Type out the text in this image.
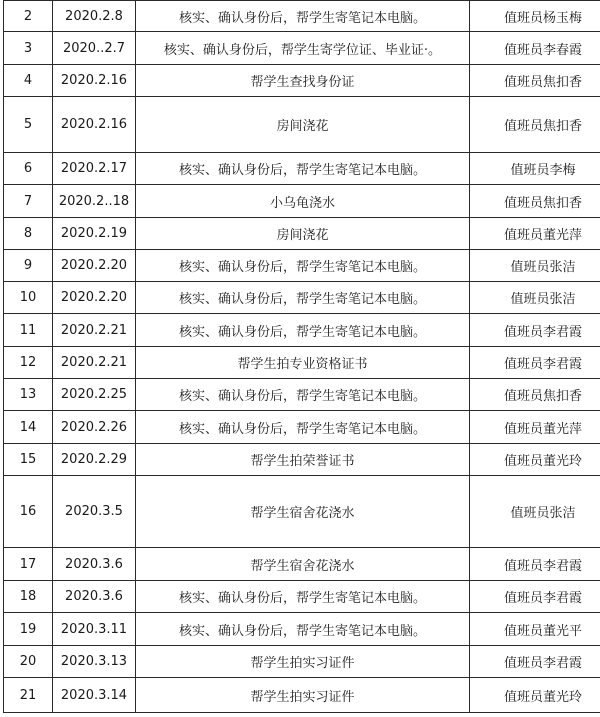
2	2020.2.8	核实、确认身份后，帮学生寄笔记本电脑。	值班员杨玉梅
3	2020..2.7	核实、确认身份后，帮学生寄学位证、毕业证·。	值班员李春霞
4	2020.2.16	帮学生查找身份证	值班员焦扣香
5	2020.2.16	房间浇花	值班员焦扣香
6	2020.2.17	核实、确认身份后，帮学生寄笔记本电脑。	值班员李梅
7	2020.2..18	小乌龟浇水	值班员焦扣香
8	2020.2.19	房间浇花	值班员董光萍
9	2020.2.20	核实、确认身份后，帮学生寄笔记本电脑。	值班员张洁
10	2020.2.20	核实、确认身份后，帮学生寄笔记本电脑。	值班员张洁
11	2020.2.21	核实、确认身份后，帮学生寄笔记本电脑。	值班员李君霞
12	2020.2.21	帮学生拍专业资格证书	值班员李君霞
13	2020.2.25	核实、确认身份后，帮学生寄笔记本电脑。	值班员焦扣香
14	2020.2.26	核实、确认身份后，帮学生寄笔记本电脑。	值班员董光萍
15	2020.2.29	帮学生拍荣誉证书	值班员董光玲
16	2020.3.5	帮学生宿舍花浇水	值班员张洁
17	2020.3.6	帮学生宿舍花浇水	值班员李君霞
18	2020.3.6	核实、确认身份后，帮学生寄笔记本电脑。	值班员李君霞
19	2020.3.11	核实、确认身份后，帮学生寄笔记本电脑。	值班员董光平
20	2020.3.13	帮学生拍实习证件	值班员李君霞
21	2020.3.14	帮学生拍实习证件	值班员董光玲
